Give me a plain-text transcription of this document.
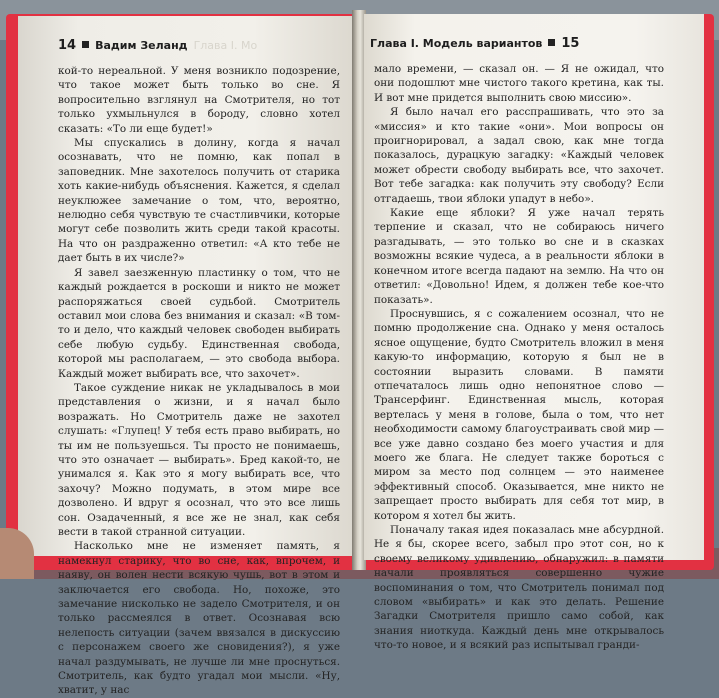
14 Вадим Зеланд Глава I. Мо

кой-то нереальной. У меня возникло подозрение, что такое может быть только во сне. Я вопросительно взглянул на Смотрителя, но тот только ухмыльнулся в бороду, словно хотел сказать: «То ли еще будет!»

Мы спускались в долину, когда я начал осознавать, что не помню, как попал в заповедник. Мне захотелось получить от старика хоть какие-нибудь объяснения. Кажется, я сделал неуклюжее замечание о том, что, вероятно, нелюдно себя чувствую те счастливчики, которые могут себе позволить жить среди такой красоты. На что он раздраженно ответил: «А кто тебе не дает быть в их числе?»

Я завел заезженную пластинку о том, что не каждый рождается в роскоши и никто не может распоряжаться своей судьбой. Смотритель оставил мои слова без внимания и сказал: «В том-то и дело, что каждый человек свободен выбирать себе любую судьбу. Единственная свобода, которой мы располагаем, — это свобода выбора. Каждый может выбирать все, что захочет».

Такое суждение никак не укладывалось в мои представления о жизни, и я начал было возражать. Но Смотритель даже не захотел слушать: «Глупец! У тебя есть право выбирать, но ты им не пользуешься. Ты просто не понимаешь, что это означает — выбирать». Бред какой-то, не унимался я. Как это я могу выбирать все, что захочу? Можно подумать, в этом мире все дозволено. И вдруг я осознал, что это все лишь сон. Озадаченный, я все же не знал, как себя вести в такой странной ситуации.

Насколько мне не изменяет память, я намекнул старику, что во сне, как, впрочем, и наяву, он волен нести всякую чушь, вот в этом и заключается его свобода. Но, похоже, это замечание нисколько не задело Смотрителя, и он только рассмеялся в ответ. Осознавая всю нелепость ситуации (зачем ввязался в дискуссию с персонажем своего же сновидения?), я уже начал раздумывать, не лучше ли мне проснуться. Смотритель, как будто угадал мои мысли. «Ну, хватит, у нас

Глава I. Модель вариантов 15

мало времени, — сказал он. — Я не ожидал, что они подошлют мне чистого такого кретина, как ты. И вот мне придется выполнить свою миссию».

Я было начал его расспрашивать, что это за «миссия» и кто такие «они». Мои вопросы он проигнорировал, а задал свою, как мне тогда показалось, дурацкую загадку: «Каждый человек может обрести свободу выбирать все, что захочет. Вот тебе загадка: как получить эту свободу? Если отгадаешь, твои яблоки упадут в небо».

Какие еще яблоки? Я уже начал терять терпение и сказал, что не собираюсь ничего разгадывать, — это только во сне и в сказках возможны всякие чудеса, а в реальности яблоки в конечном итоге всегда падают на землю. На что он ответил: «Довольно! Идем, я должен тебе кое-что показать».

Проснувшись, я с сожалением осознал, что не помню продолжение сна. Однако у меня осталось ясное ощущение, будто Смотритель вложил в меня какую-то информацию, которую я был не в состоянии выразить словами. В памяти отпечаталось лишь одно непонятное слово — Трансерфинг. Единственная мысль, которая вертелась у меня в голове, была о том, что нет необходимости самому благоустраивать свой мир — все уже давно создано без моего участия и для моего же блага. Не следует также бороться с миром за место под солнцем — это наименее эффективный способ. Оказывается, мне никто не запрещает просто выбирать для себя тот мир, в котором я хотел бы жить.

Поначалу такая идея показалась мне абсурдной. Не я бы, скорее всего, забыл про этот сон, но к своему великому удивлению, обнаружил: в памяти начали проявляться совершенно чужие воспоминания о том, что Смотритель понимал под словом «выбирать» и как это делать. Решение Загадки Смотрителя пришло само собой, как знания ниоткуда. Каждый день мне открывалось что-то новое, и я всякий раз испытывал гранди-
